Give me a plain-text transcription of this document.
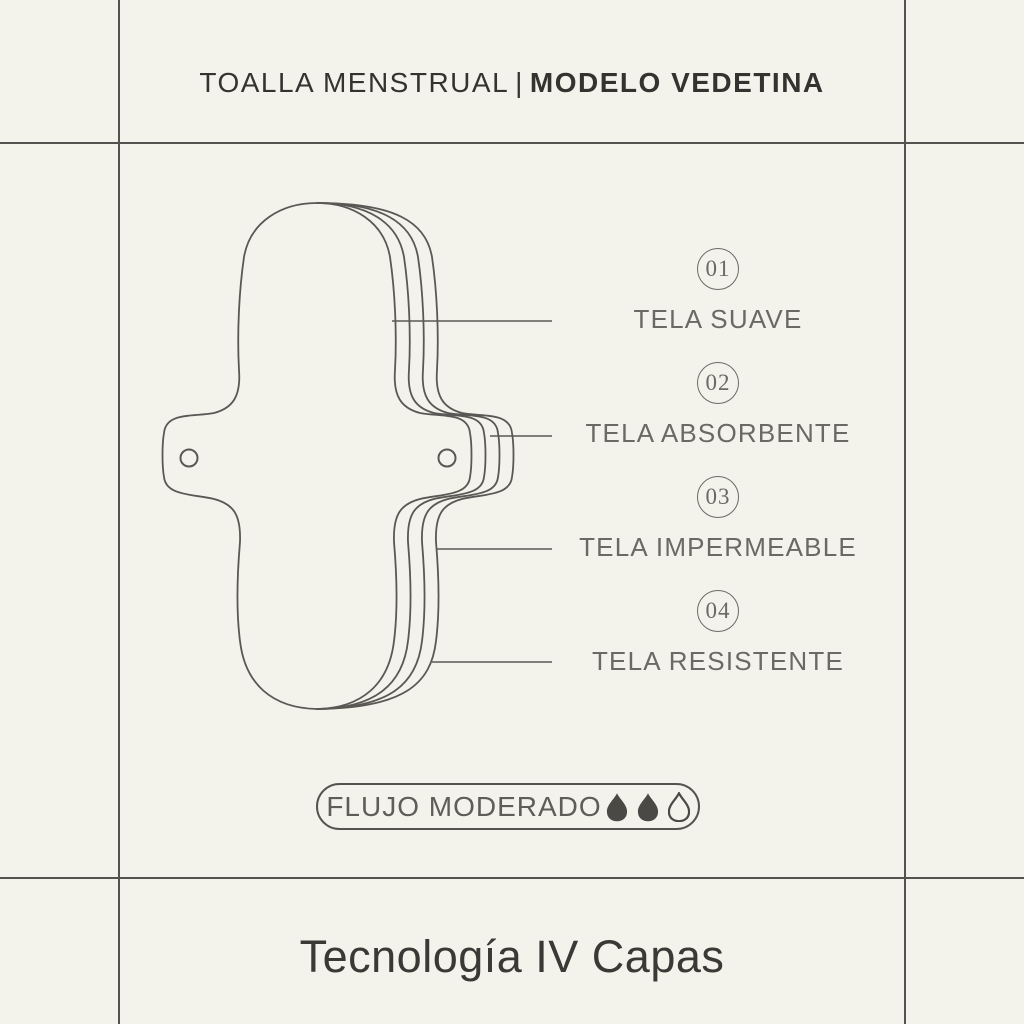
TOALLA MENSTRUAL | MODELO VEDETINA
01
TELA SUAVE
02
TELA ABSORBENTE
03
TELA IMPERMEABLE
04
TELA RESISTENTE
FLUJO MODERADO
Tecnología IV Capas
